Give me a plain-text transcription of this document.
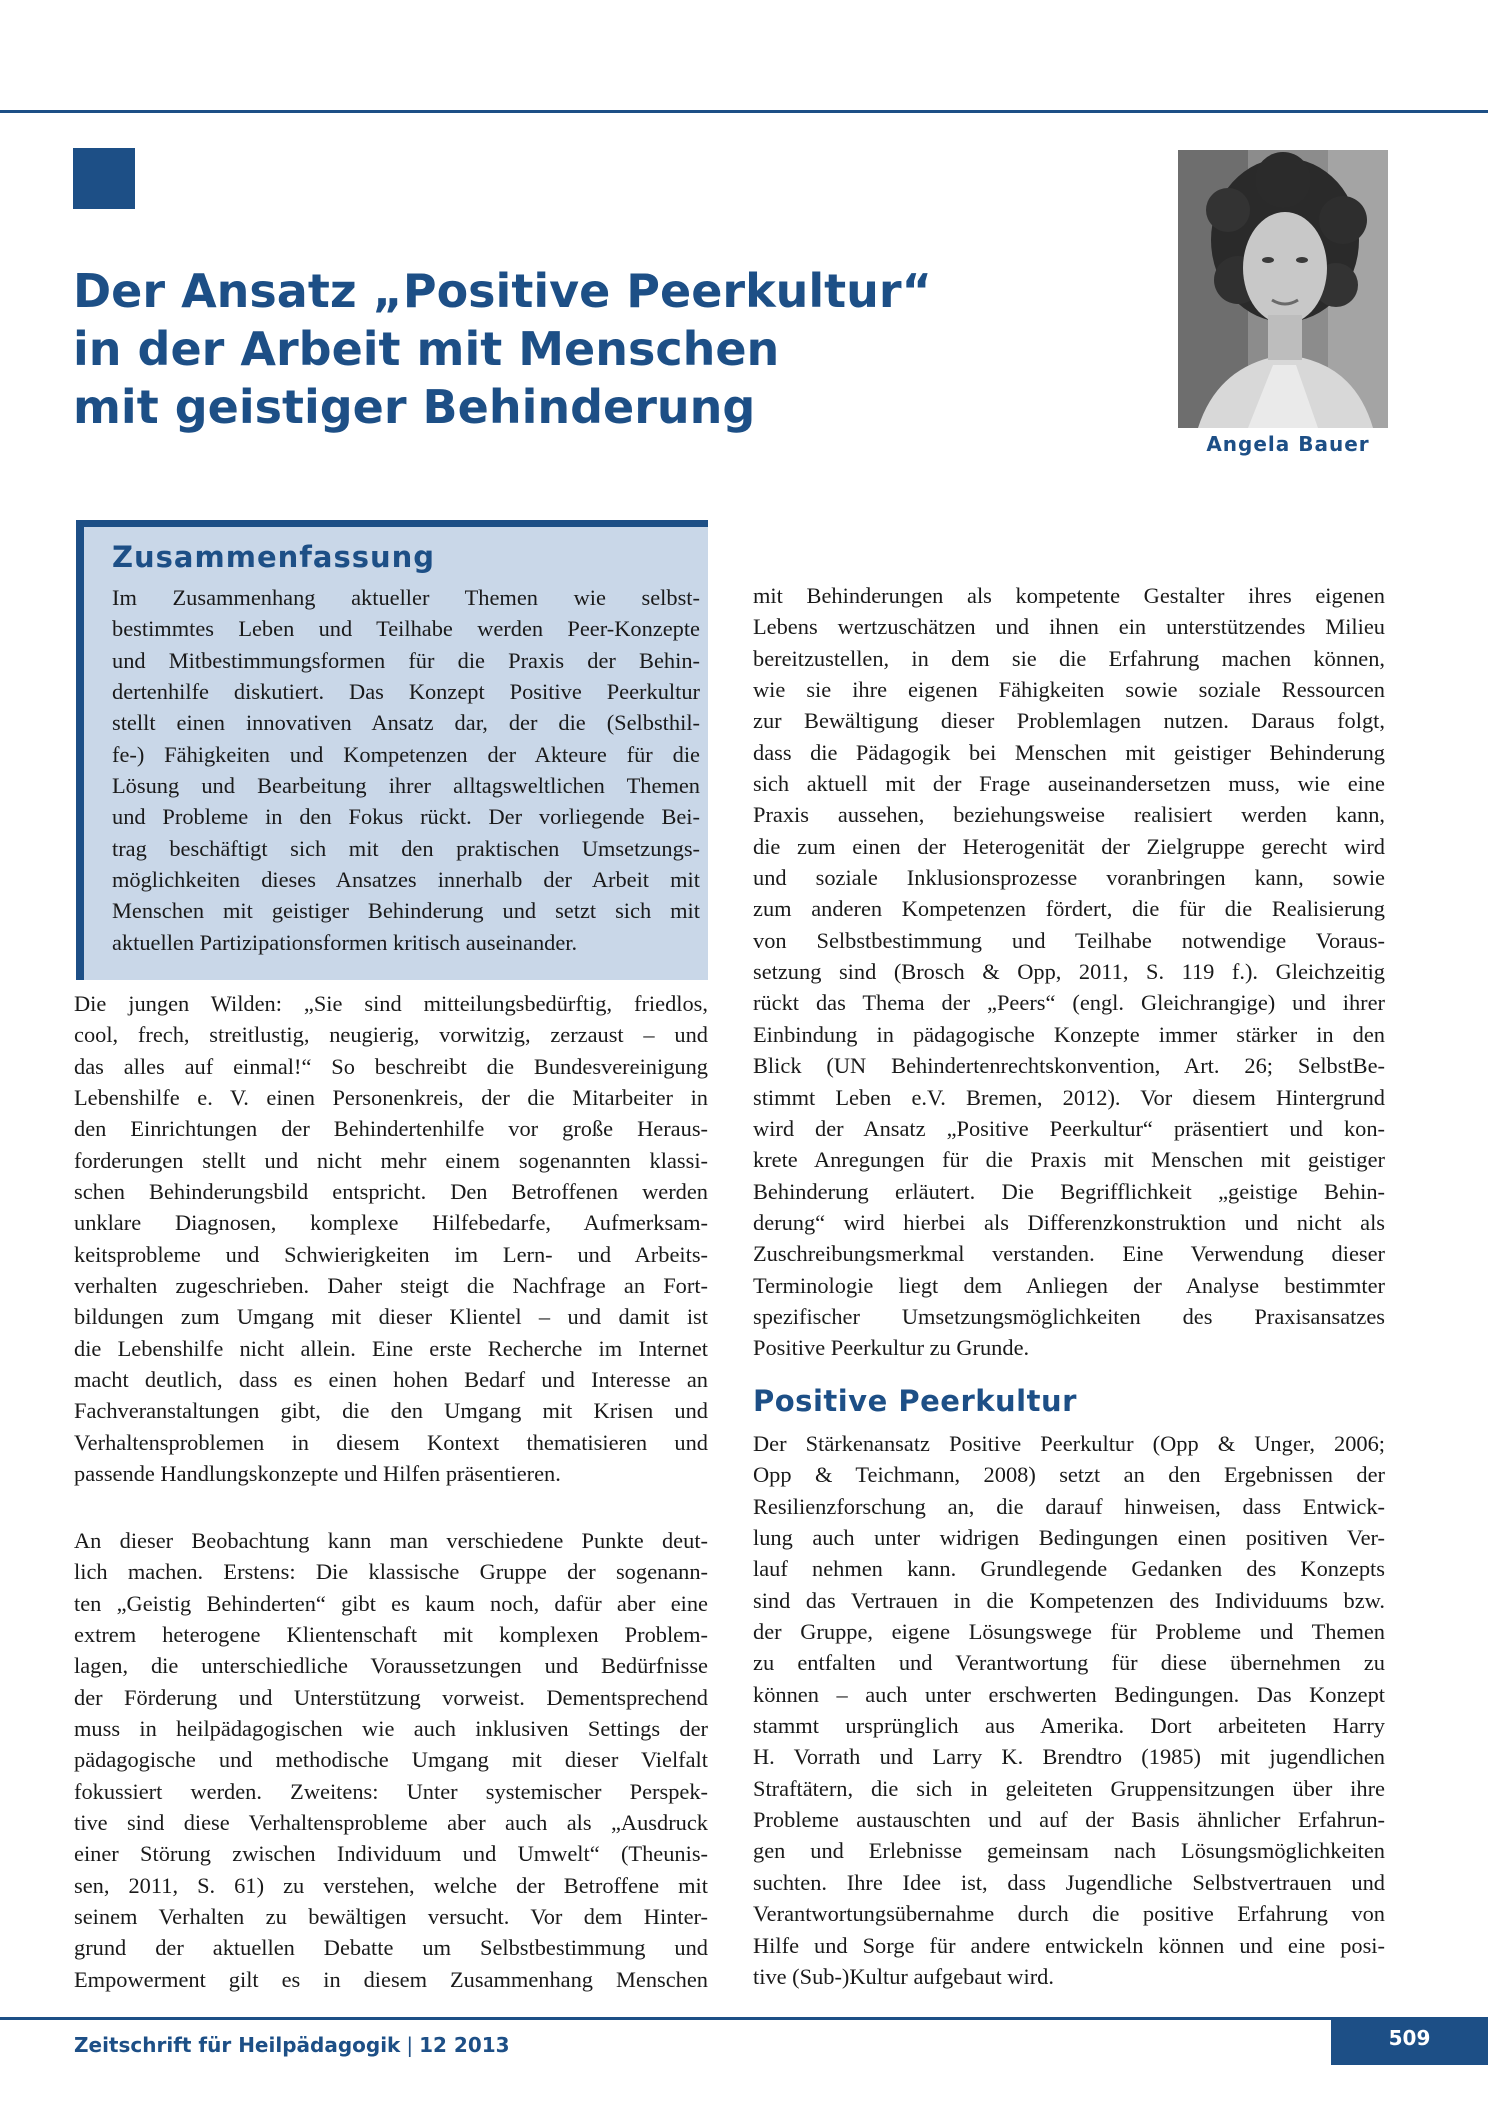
Der Ansatz „Positive Peerkultur“
in der Arbeit mit Menschen
mit geistiger Behinderung
Angela Bauer
Zusammenfassung
Im Zusammenhang aktueller Themen wie selbst-
bestimmtes Leben und Teilhabe werden Peer-Konzepte
und Mitbestimmungsformen für die Praxis der Behin-
dertenhilfe diskutiert. Das Konzept Positive Peerkultur
stellt einen innovativen Ansatz dar, der die (Selbsthil-
fe-) Fähigkeiten und Kompetenzen der Akteure für die
Lösung und Bearbeitung ihrer alltagsweltlichen Themen
und Probleme in den Fokus rückt. Der vorliegende Bei-
trag beschäftigt sich mit den praktischen Umsetzungs-
möglichkeiten dieses Ansatzes innerhalb der Arbeit mit
Menschen mit geistiger Behinderung und setzt sich mit
aktuellen Partizipationsformen kritisch auseinander.
Die jungen Wilden: „Sie sind mitteilungsbedürftig, friedlos,
cool, frech, streitlustig, neugierig, vorwitzig, zerzaust – und
das alles auf einmal!“ So beschreibt die Bundesvereinigung
Lebenshilfe e. V. einen Personenkreis, der die Mitarbeiter in
den Einrichtungen der Behindertenhilfe vor große Heraus-
forderungen stellt und nicht mehr einem sogenannten klassi-
schen Behinderungsbild entspricht. Den Betroffenen werden
unklare Diagnosen, komplexe Hilfebedarfe, Aufmerksam-
keitsprobleme und Schwierigkeiten im Lern- und Arbeits-
verhalten zugeschrieben. Daher steigt die Nachfrage an Fort-
bildungen zum Umgang mit dieser Klientel – und damit ist
die Lebenshilfe nicht allein. Eine erste Recherche im Internet
macht deutlich, dass es einen hohen Bedarf und Interesse an
Fachveranstaltungen gibt, die den Umgang mit Krisen und
Verhaltensproblemen in diesem Kontext thematisieren und
passende Handlungskonzepte und Hilfen präsentieren.
An dieser Beobachtung kann man verschiedene Punkte deut-
lich machen. Erstens: Die klassische Gruppe der sogenann-
ten „Geistig Behinderten“ gibt es kaum noch, dafür aber eine
extrem heterogene Klientenschaft mit komplexen Problem-
lagen, die unterschiedliche Voraussetzungen und Bedürfnisse
der Förderung und Unterstützung vorweist. Dementsprechend
muss in heilpädagogischen wie auch inklusiven Settings der
pädagogische und methodische Umgang mit dieser Vielfalt
fokussiert werden. Zweitens: Unter systemischer Perspek-
tive sind diese Verhaltensprobleme aber auch als „Ausdruck
einer Störung zwischen Individuum und Umwelt“ (Theunis-
sen, 2011, S. 61) zu verstehen, welche der Betroffene mit
seinem Verhalten zu bewältigen versucht. Vor dem Hinter-
grund der aktuellen Debatte um Selbstbestimmung und
Empowerment gilt es in diesem Zusammenhang Menschen
mit Behinderungen als kompetente Gestalter ihres eigenen
Lebens wertzuschätzen und ihnen ein unterstützendes Milieu
bereitzustellen, in dem sie die Erfahrung machen können,
wie sie ihre eigenen Fähigkeiten sowie soziale Ressourcen
zur Bewältigung dieser Problemlagen nutzen. Daraus folgt,
dass die Pädagogik bei Menschen mit geistiger Behinderung
sich aktuell mit der Frage auseinandersetzen muss, wie eine
Praxis aussehen, beziehungsweise realisiert werden kann,
die zum einen der Heterogenität der Zielgruppe gerecht wird
und soziale Inklusionsprozesse voranbringen kann, sowie
zum anderen Kompetenzen fördert, die für die Realisierung
von Selbstbestimmung und Teilhabe notwendige Voraus-
setzung sind (Brosch & Opp, 2011, S. 119 f.). Gleichzeitig
rückt das Thema der „Peers“ (engl. Gleichrangige) und ihrer
Einbindung in pädagogische Konzepte immer stärker in den
Blick (UN Behindertenrechtskonvention, Art. 26; SelbstBe-
stimmt Leben e.V. Bremen, 2012). Vor diesem Hintergrund
wird der Ansatz „Positive Peerkultur“ präsentiert und kon-
krete Anregungen für die Praxis mit Menschen mit geistiger
Behinderung erläutert. Die Begrifflichkeit „geistige Behin-
derung“ wird hierbei als Differenzkonstruktion und nicht als
Zuschreibungsmerkmal verstanden. Eine Verwendung dieser
Terminologie liegt dem Anliegen der Analyse bestimmter
spezifischer Umsetzungsmöglichkeiten des Praxisansatzes
Positive Peerkultur zu Grunde.
Positive Peerkultur
Der Stärkenansatz Positive Peerkultur (Opp & Unger, 2006;
Opp & Teichmann, 2008) setzt an den Ergebnissen der
Resilienzforschung an, die darauf hinweisen, dass Entwick-
lung auch unter widrigen Bedingungen einen positiven Ver-
lauf nehmen kann. Grundlegende Gedanken des Konzepts
sind das Vertrauen in die Kompetenzen des Individuums bzw.
der Gruppe, eigene Lösungswege für Probleme und Themen
zu entfalten und Verantwortung für diese übernehmen zu
können – auch unter erschwerten Bedingungen. Das Konzept
stammt ursprünglich aus Amerika. Dort arbeiteten Harry
H. Vorrath und Larry K. Brendtro (1985) mit jugendlichen
Straftätern, die sich in geleiteten Gruppensitzungen über ihre
Probleme austauschten und auf der Basis ähnlicher Erfahrun-
gen und Erlebnisse gemeinsam nach Lösungsmöglichkeiten
suchten. Ihre Idee ist, dass Jugendliche Selbstvertrauen und
Verantwortungsübernahme durch die positive Erfahrung von
Hilfe und Sorge für andere entwickeln können und eine posi-
tive (Sub-)Kultur aufgebaut wird.
Zeitschrift für Heilpädagogik | 12 2013	509
